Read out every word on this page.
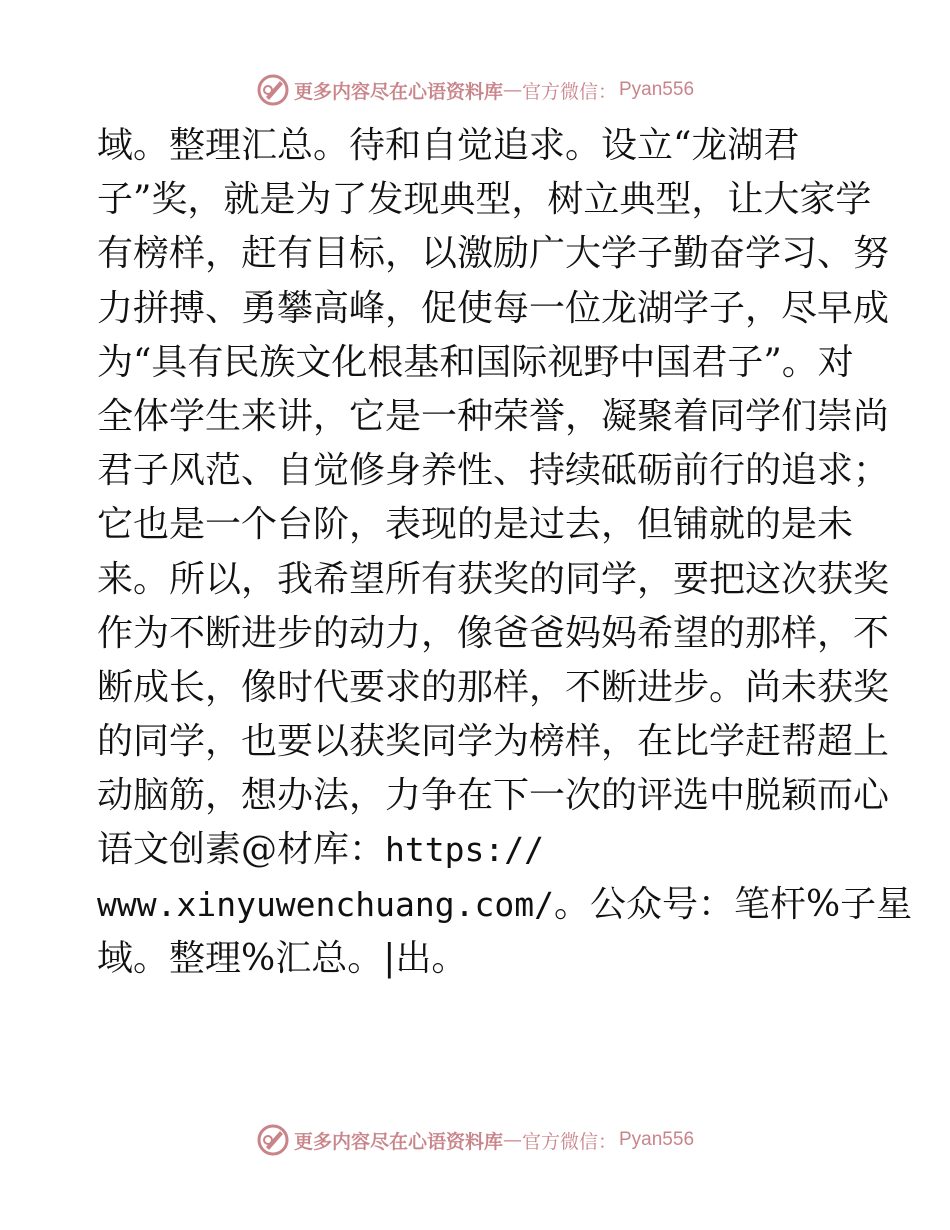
更多内容尽在心语资料库 — 官方微信： Pyan556
域。整理汇总。待和自觉追求。设立“龙湖君
子”奖，就是为了发现典型，树立典型，让大家学
有榜样，赶有目标，以激励广大学子勤奋学习、努
力拼搏、勇攀高峰，促使每一位龙湖学子，尽早成
为“具有民族文化根基和国际视野中国君子”。对
全体学生来讲，它是一种荣誉，凝聚着同学们崇尚
君子风范、自觉修身养性、持续砥砺前行的追求；
它也是一个台阶，表现的是过去，但铺就的是未
来。所以，我希望所有获奖的同学，要把这次获奖
作为不断进步的动力，像爸爸妈妈希望的那样，不
断成长，像时代要求的那样，不断进步。尚未获奖
的同学，也要以获奖同学为榜样，在比学赶帮超上
动脑筋，想办法，力争在下一次的评选中脱颖而心
语文创素@材库：https://
www.xinyuwenchuang.com/。公众号：笔杆%子星
域。整理%汇总。|出。
更多内容尽在心语资料库 — 官方微信： Pyan556
